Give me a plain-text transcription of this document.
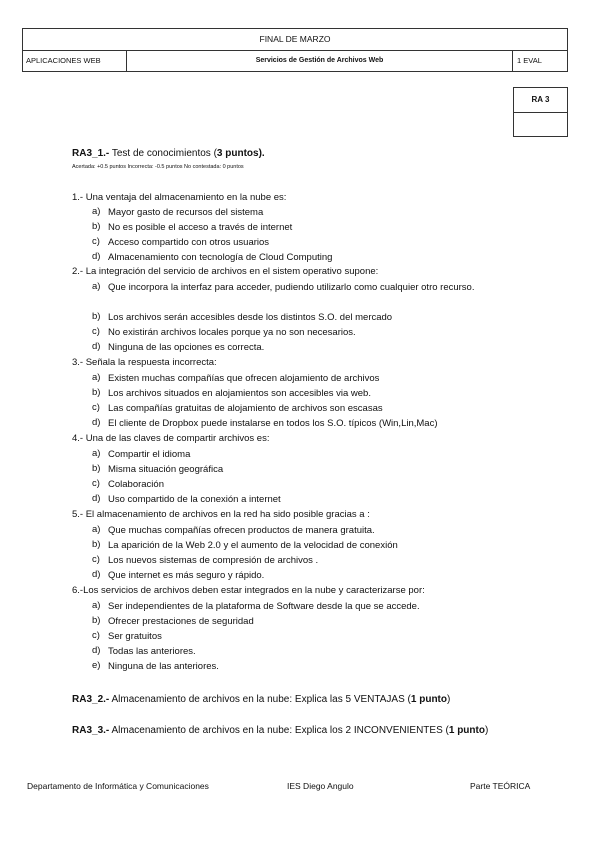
FINAL DE MARZO
APLICACIONES WEB	Servicios de Gestión de Archivos Web	1 EVAL
RA 3
RA3_1.- Test de conocimientos (3 puntos).
Acertada: +0.5 puntos Incorrecta: -0.5 puntos No contestada: 0 puntos
1.- Una ventaja del almacenamiento en la nube es:
a) Mayor gasto de recursos del sistema
b) No es posible el acceso a través de internet
c) Acceso compartido con otros usuarios
d) Almacenamiento con tecnología de Cloud Computing
2.- La integración del servicio de archivos en el sistem operativo supone:
a) Que incorpora la interfaz para acceder, pudiendo utilizarlo como cualquier otro recurso.
b) Los archivos serán accesibles desde los distintos S.O. del mercado
c) No existirán archivos locales porque ya no son necesarios.
d) Ninguna de las opciones es correcta.
3.- Señala la respuesta incorrecta:
a) Existen muchas compañías que ofrecen alojamiento de archivos
b) Los archivos situados en alojamientos son accesibles via web.
c) Las compañías gratuitas de alojamiento de archivos son escasas
d) El cliente de Dropbox puede instalarse en todos los S.O. típicos (Win,Lin,Mac)
4.- Una de las claves de compartir archivos es:
a) Compartir el idioma
b) Misma situación geográfica
c) Colaboración
d) Uso compartido de la conexión a internet
5.- El almacenamiento de archivos en la red ha sido posible gracias a :
a) Que muchas compañías ofrecen productos de manera gratuita.
b) La aparición de la Web 2.0 y el aumento de la velocidad de conexión
c) Los nuevos sistemas de compresión de archivos .
d) Que internet es más seguro y rápido.
6.-Los servicios de archivos deben estar integrados en la nube y caracterizarse por:
a) Ser independientes de la plataforma de Software desde la que se accede.
b) Ofrecer prestaciones de seguridad
c) Ser gratuitos
d) Todas las anteriores.
e) Ninguna de las anteriores.
RA3_2.- Almacenamiento de archivos en la nube: Explica las 5 VENTAJAS (1 punto)
RA3_3.- Almacenamiento de archivos en la nube: Explica los 2 INCONVENIENTES (1 punto)
Departamento de Informática y Comunicaciones	IES Diego Angulo	Parte TEÓRICA
